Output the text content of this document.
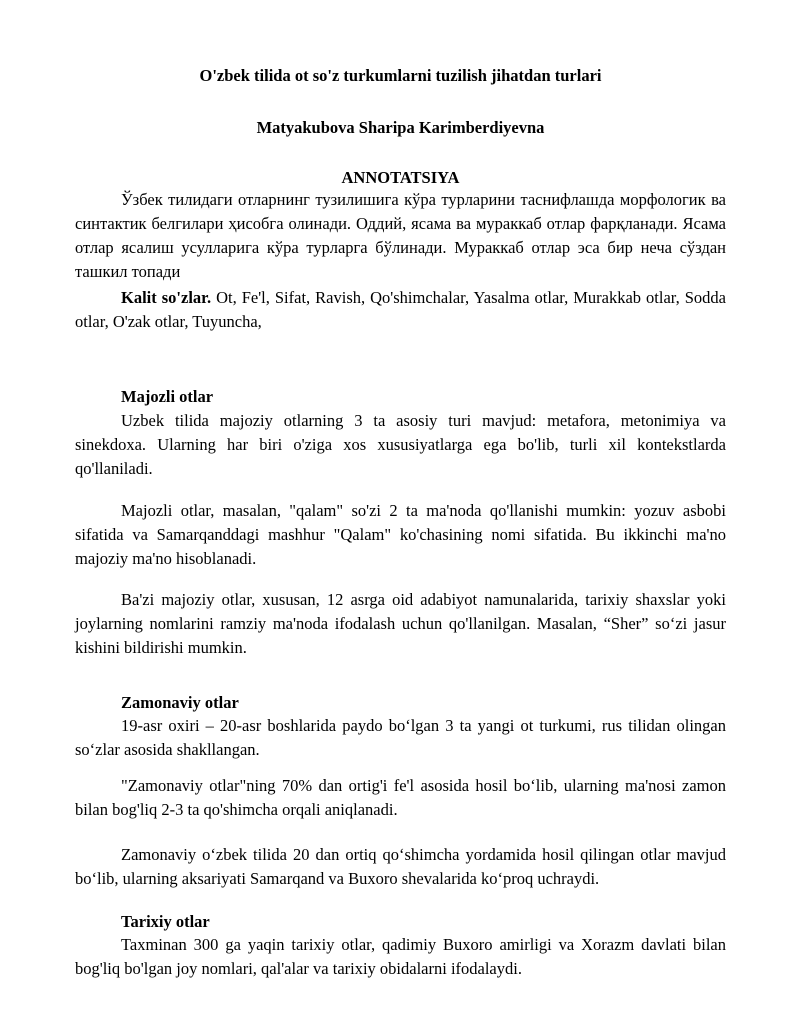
O'zbek tilida ot so'z turkumlarni tuzilish jihatdan turlari
Matyakubova Sharipa Karimberdiyevna
ANNOTATSIYA
Ўзбек тилидаги отларнинг тузилишига кўра турларини таснифлашда морфологик ва синтактик белгилари ҳисобга олинади. Оддий, ясама ва мураккаб отлар фарқланади. Ясама отлар ясалиш усулларига кўра турларга бўлинади. Мураккаб отлар эса бир неча сўздан ташкил топади
Kalit so'zlar. Ot, Fe'l, Sifat, Ravish, Qo'shimchalar, Yasalma otlar, Murakkab otlar, Sodda otlar, O'zak otlar, Tuyuncha,
Majozli otlar
Uzbek tilida majoziy otlarning 3 ta asosiy turi mavjud: metafora, metonimiya va sinekdoxa. Ularning har biri o'ziga xos xususiyatlarga ega bo'lib, turli xil kontekstlarda qo'llaniladi.
Majozli otlar, masalan, "qalam" so'zi 2 ta ma'noda qo'llanishi mumkin: yozuv asbobi sifatida va Samarqanddagi mashhur "Qalam" ko'chasining nomi sifatida. Bu ikkinchi ma'no majoziy ma'no hisoblanadi.
Ba'zi majoziy otlar, xususan, 12 asrga oid adabiyot namunalarida, tarixiy shaxslar yoki joylarning nomlarini ramziy ma'noda ifodalash uchun qo'llanilgan. Masalan, “Sher” so‘zi jasur kishini bildirishi mumkin.
Zamonaviy otlar
19-asr oxiri – 20-asr boshlarida paydo bo‘lgan 3 ta yangi ot turkumi, rus tilidan olingan so‘zlar asosida shakllangan.
"Zamonaviy otlar"ning 70% dan ortig'i fe'l asosida hosil bo‘lib, ularning ma'nosi zamon bilan bog'liq 2-3 ta qo'shimcha orqali aniqlanadi.
Zamonaviy o‘zbek tilida 20 dan ortiq qo‘shimcha yordamida hosil qilingan otlar mavjud bo‘lib, ularning aksariyati Samarqand va Buxoro shevalarida ko‘proq uchraydi.
Tarixiy otlar
Taxminan 300 ga yaqin tarixiy otlar, qadimiy Buxoro amirligi va Xorazm davlati bilan bog'liq bo'lgan joy nomlari, qal'alar va tarixiy obidalarni ifodalaydi.
